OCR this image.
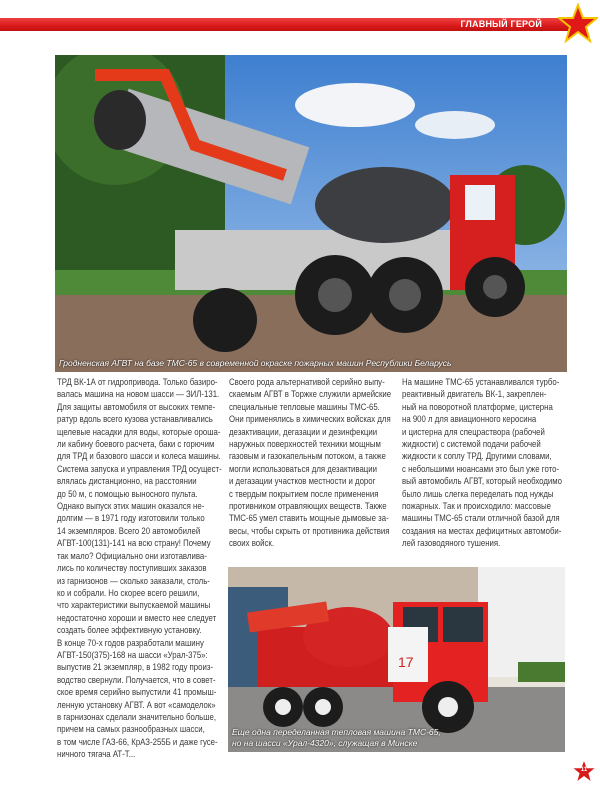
ГЛАВНЫЙ ГЕРОЙ
Гродненская АГВТ на базе ТМС-65 в современной окраске пожарных машин Республики Беларусь
17
Еще одна переделанная тепловая машина ТМС-65,
но на шасси «Урал-4320», служащая в Минске
ТРД ВК-1А от гидропривода. Только базиро-
валась машина на новом шасси — ЗИЛ-131.
Для защиты автомобиля от высоких темпе-
ратур вдоль всего кузова устанавливались
щелевые насадки для воды, которые ороша-
ли кабину боевого расчета, баки с горючим
для ТРД и базового шасси и колеса машины.
Система запуска и управления ТРД осущест-
влялась дистанционно, на расстоянии
до 50 м, с помощью выносного пульта.
Однако выпуск этих машин оказался не-
долгим — в 1971 году изготовили только
14 экземпляров. Всего 20 автомобилей
АГВТ-100(131)-141 на всю страну! Почему
так мало? Официально они изготавлива-
лись по количеству поступивших заказов
из гарнизонов — сколько заказали, столь-
ко и собрали. Но скорее всего решили,
что характеристики выпускаемой машины
недостаточно хороши и вместо нее следует
создать более эффективную установку.
В конце 70-х годов разработали машину
АГВТ-150(375)-168 на шасси «Урал-375»:
выпустив 21 экземпляр, в 1982 году произ-
водство свернули. Получается, что в совет-
ское время серийно выпустили 41 промыш-
ленную установку АГВТ. А вот «самоделок»
в гарнизонах сделали значительно больше,
причем на самых разнообразных шасси,
в том числе ГАЗ-66, КрАЗ-255Б и даже гусе-
ничного тягача АТ-Т...
Своего рода альтернативой серийно выпу-
скаемым АГВТ в Торжке служили армейские
специальные тепловые машины ТМС-65.
Они применялись в химических войсках для
дезактивации, дегазации и дезинфекции
наружных поверхностей техники мощным
газовым и газокапельным потоком, а также
могли использоваться для дезактивации
и дегазации участков местности и дорог
с твердым покрытием после применения
противником отравляющих веществ. Также
ТМС-65 умел ставить мощные дымовые за-
весы, чтобы скрыть от противника действия
своих войск.
На машине ТМС-65 устанавливался турбо-
реактивный двигатель ВК-1, закреплен-
ный на поворотной платформе, цистерна
на 900 л для авиационного керосина
и цистерна для спецраствора (рабочей
жидкости) с системой подачи рабочей
жидкости к соплу ТРД. Другими словами,
с небольшими нюансами это был уже гото-
вый автомобиль АГВТ, который необходимо
было лишь слегка переделать под нужды
пожарных. Так и происходило: массовые
машины ТМС-65 стали отличной базой для
создания на местах дефицитных автомоби-
лей газоводяного тушения.
11
